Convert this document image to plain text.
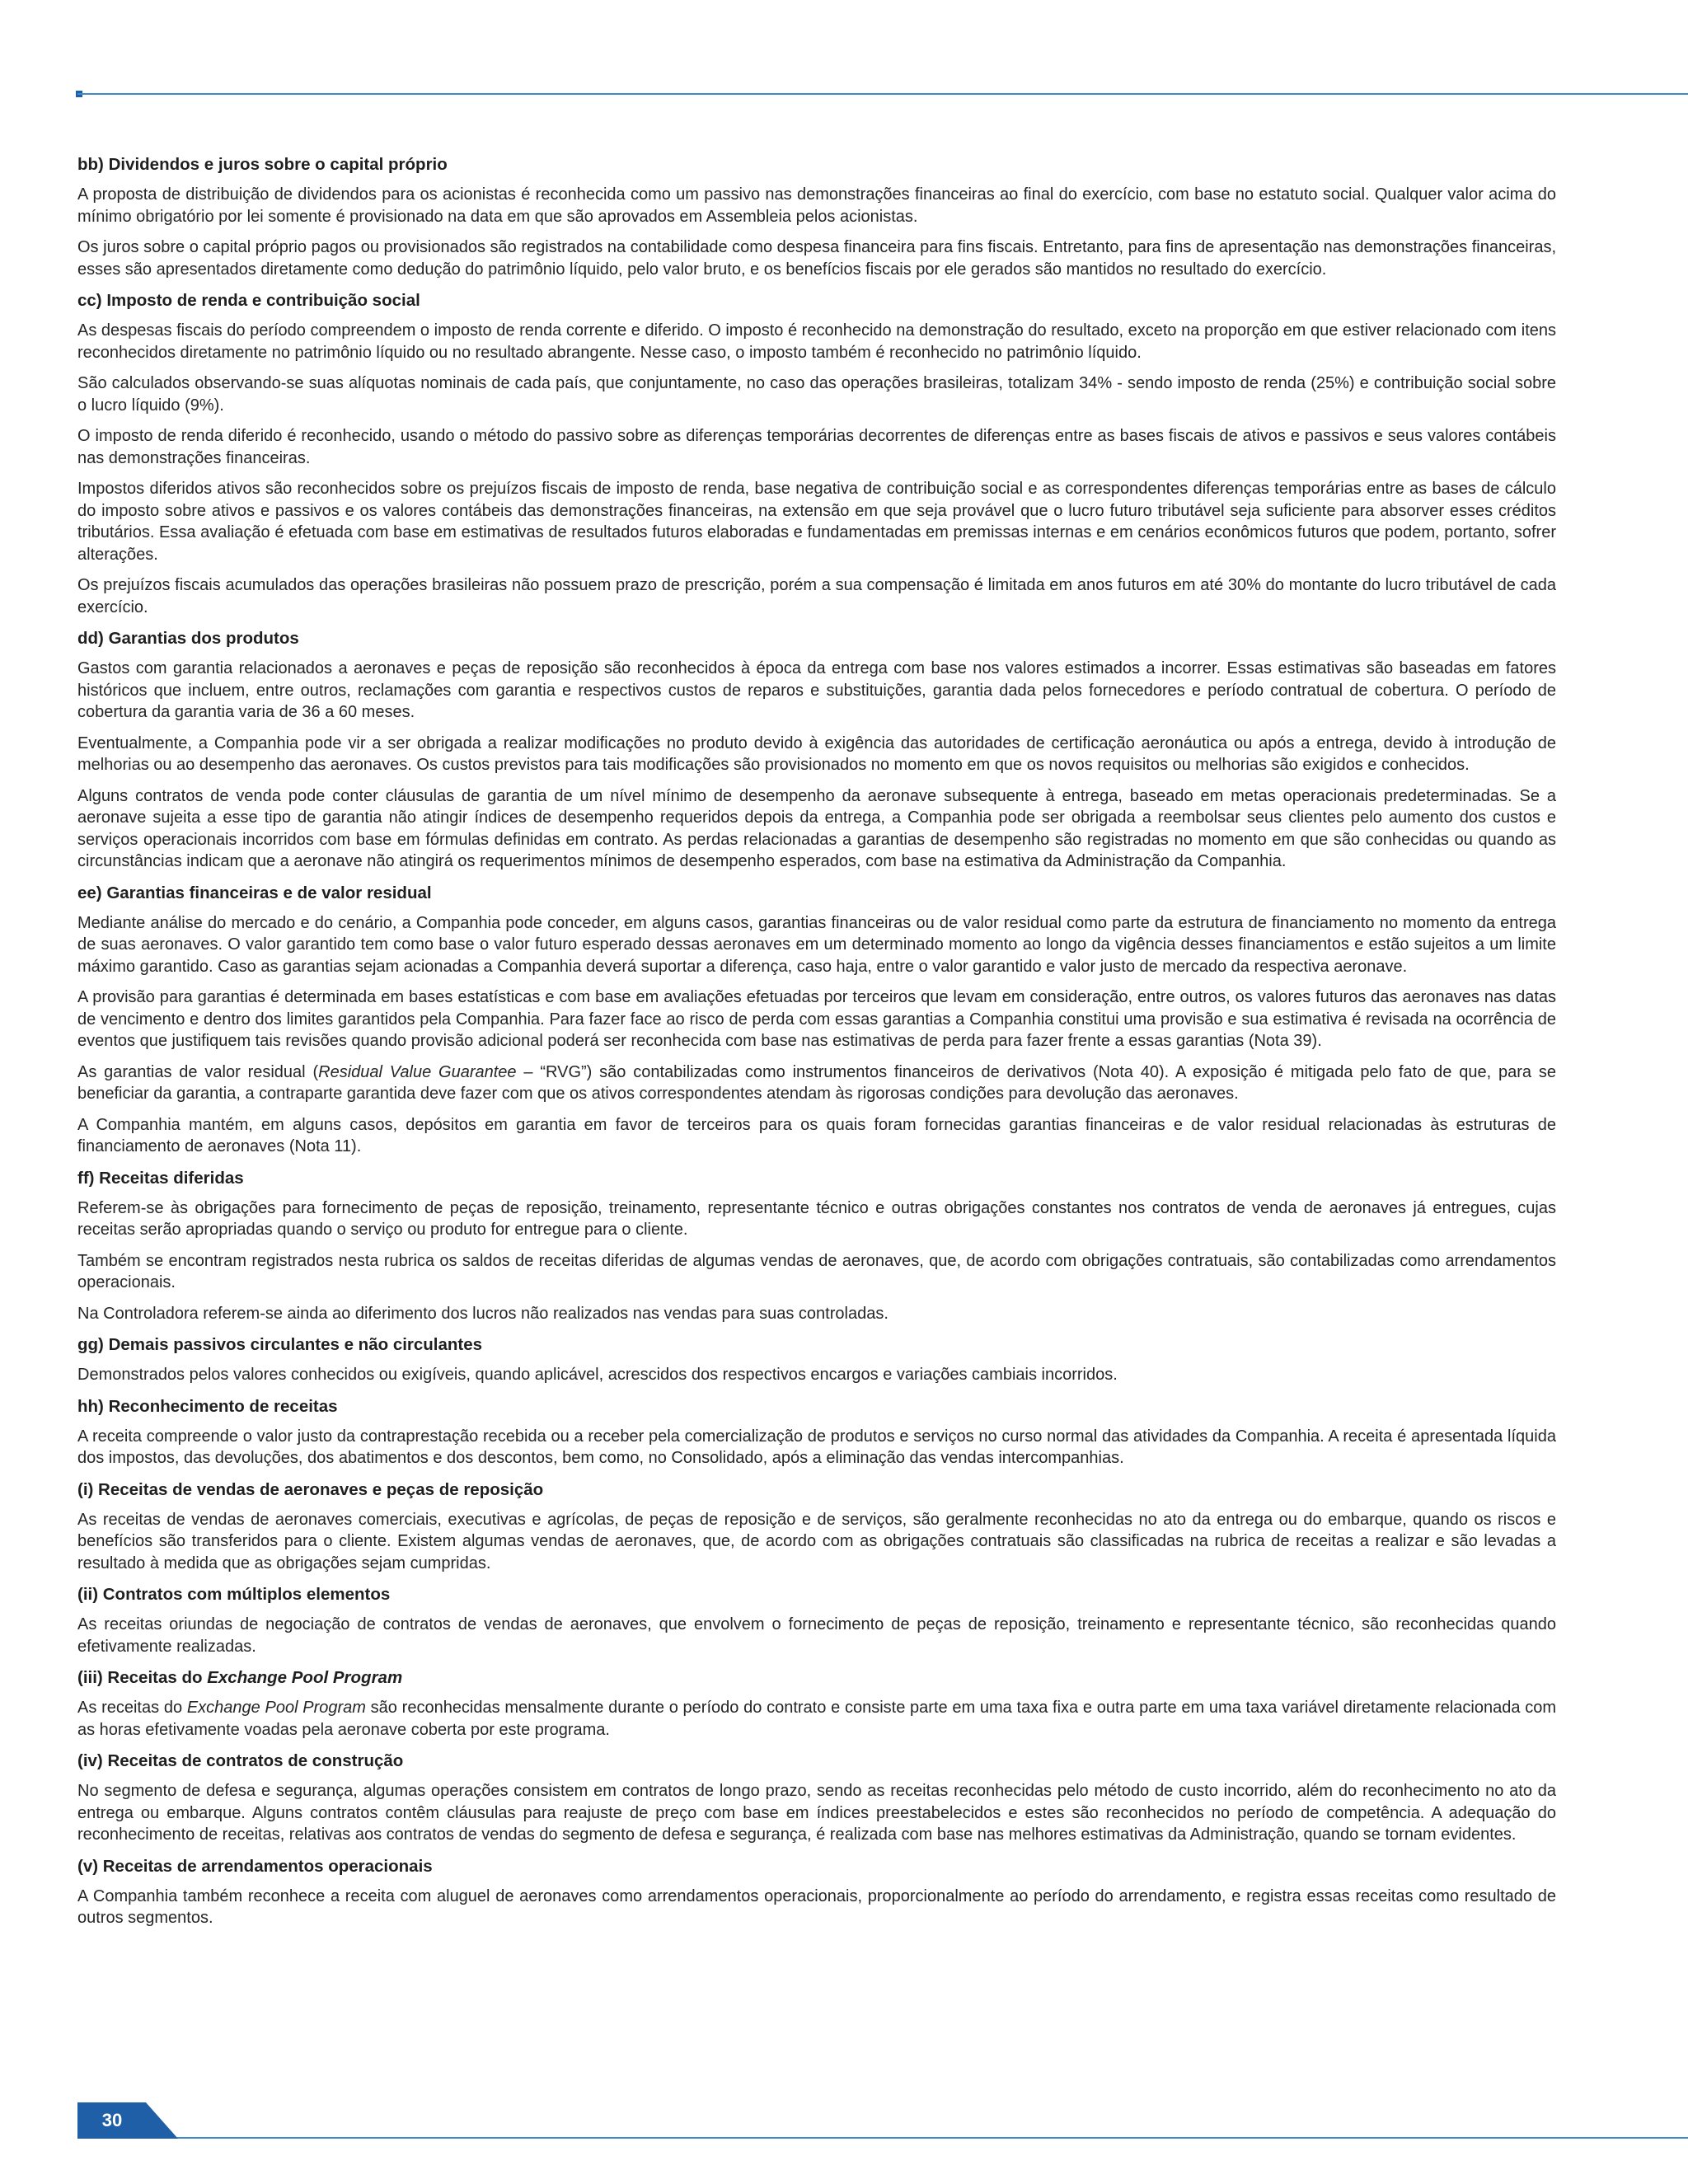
bb) Dividendos e juros sobre o capital próprio

A proposta de distribuição de dividendos para os acionistas é reconhecida como um passivo nas demonstrações financeiras ao final do exercício, com base no estatuto social. Qualquer valor acima do mínimo obrigatório por lei somente é provisionado na data em que são aprovados em Assembleia pelos acionistas.

Os juros sobre o capital próprio pagos ou provisionados são registrados na contabilidade como despesa financeira para fins fiscais. Entretanto, para fins de apresentação nas demonstrações financeiras, esses são apresentados diretamente como dedução do patrimônio líquido, pelo valor bruto, e os benefícios fiscais por ele gerados são mantidos no resultado do exercício.

cc) Imposto de renda e contribuição social

As despesas fiscais do período compreendem o imposto de renda corrente e diferido. O imposto é reconhecido na demonstração do resultado, exceto na proporção em que estiver relacionado com itens reconhecidos diretamente no patrimônio líquido ou no resultado abrangente. Nesse caso, o imposto também é reconhecido no patrimônio líquido.

São calculados observando-se suas alíquotas nominais de cada país, que conjuntamente, no caso das operações brasileiras, totalizam 34% - sendo imposto de renda (25%) e contribuição social sobre o lucro líquido (9%).

O imposto de renda diferido é reconhecido, usando o método do passivo sobre as diferenças temporárias decorrentes de diferenças entre as bases fiscais de ativos e passivos e seus valores contábeis nas demonstrações financeiras.

Impostos diferidos ativos são reconhecidos sobre os prejuízos fiscais de imposto de renda, base negativa de contribuição social e as correspondentes diferenças temporárias entre as bases de cálculo do imposto sobre ativos e passivos e os valores contábeis das demonstrações financeiras, na extensão em que seja provável que o lucro futuro tributável seja suficiente para absorver esses créditos tributários. Essa avaliação é efetuada com base em estimativas de resultados futuros elaboradas e fundamentadas em premissas internas e em cenários econômicos futuros que podem, portanto, sofrer alterações.

Os prejuízos fiscais acumulados das operações brasileiras não possuem prazo de prescrição, porém a sua compensação é limitada em anos futuros em até 30% do montante do lucro tributável de cada exercício.

dd) Garantias dos produtos

Gastos com garantia relacionados a aeronaves e peças de reposição são reconhecidos à época da entrega com base nos valores estimados a incorrer. Essas estimativas são baseadas em fatores históricos que incluem, entre outros, reclamações com garantia e respectivos custos de reparos e substituições, garantia dada pelos fornecedores e período contratual de cobertura. O período de cobertura da garantia varia de 36 a 60 meses.

Eventualmente, a Companhia pode vir a ser obrigada a realizar modificações no produto devido à exigência das autoridades de certificação aeronáutica ou após a entrega, devido à introdução de melhorias ou ao desempenho das aeronaves. Os custos previstos para tais modificações são provisionados no momento em que os novos requisitos ou melhorias são exigidos e conhecidos.

Alguns contratos de venda pode conter cláusulas de garantia de um nível mínimo de desempenho da aeronave subsequente à entrega, baseado em metas operacionais predeterminadas. Se a aeronave sujeita a esse tipo de garantia não atingir índices de desempenho requeridos depois da entrega, a Companhia pode ser obrigada a reembolsar seus clientes pelo aumento dos custos e serviços operacionais incorridos com base em fórmulas definidas em contrato. As perdas relacionadas a garantias de desempenho são registradas no momento em que são conhecidas ou quando as circunstâncias indicam que a aeronave não atingirá os requerimentos mínimos de desempenho esperados, com base na estimativa da Administração da Companhia.

ee) Garantias financeiras e de valor residual

Mediante análise do mercado e do cenário, a Companhia pode conceder, em alguns casos, garantias financeiras ou de valor residual como parte da estrutura de financiamento no momento da entrega de suas aeronaves. O valor garantido tem como base o valor futuro esperado dessas aeronaves em um determinado momento ao longo da vigência desses financiamentos e estão sujeitos a um limite máximo garantido. Caso as garantias sejam acionadas a Companhia deverá suportar a diferença, caso haja, entre o valor garantido e valor justo de mercado da respectiva aeronave.

A provisão para garantias é determinada em bases estatísticas e com base em avaliações efetuadas por terceiros que levam em consideração, entre outros, os valores futuros das aeronaves nas datas de vencimento e dentro dos limites garantidos pela Companhia. Para fazer face ao risco de perda com essas garantias a Companhia constitui uma provisão e sua estimativa é revisada na ocorrência de eventos que justifiquem tais revisões quando provisão adicional poderá ser reconhecida com base nas estimativas de perda para fazer frente a essas garantias (Nota 39).

As garantias de valor residual (Residual Value Guarantee – “RVG”) são contabilizadas como instrumentos financeiros de derivativos (Nota 40). A exposição é mitigada pelo fato de que, para se beneficiar da garantia, a contraparte garantida deve fazer com que os ativos correspondentes atendam às rigorosas condições para devolução das aeronaves.

A Companhia mantém, em alguns casos, depósitos em garantia em favor de terceiros para os quais foram fornecidas garantias financeiras e de valor residual relacionadas às estruturas de financiamento de aeronaves (Nota 11).

ff) Receitas diferidas

Referem-se às obrigações para fornecimento de peças de reposição, treinamento, representante técnico e outras obrigações constantes nos contratos de venda de aeronaves já entregues, cujas receitas serão apropriadas quando o serviço ou produto for entregue para o cliente.

Também se encontram registrados nesta rubrica os saldos de receitas diferidas de algumas vendas de aeronaves, que, de acordo com obrigações contratuais, são contabilizadas como arrendamentos operacionais.

Na Controladora referem-se ainda ao diferimento dos lucros não realizados nas vendas para suas controladas.

gg) Demais passivos circulantes e não circulantes

Demonstrados pelos valores conhecidos ou exigíveis, quando aplicável, acrescidos dos respectivos encargos e variações cambiais incorridos.

hh) Reconhecimento de receitas

A receita compreende o valor justo da contraprestação recebida ou a receber pela comercialização de produtos e serviços no curso normal das atividades da Companhia. A receita é apresentada líquida dos impostos, das devoluções, dos abatimentos e dos descontos, bem como, no Consolidado, após a eliminação das vendas intercompanhias.

(i) Receitas de vendas de aeronaves e peças de reposição

As receitas de vendas de aeronaves comerciais, executivas e agrícolas, de peças de reposição e de serviços, são geralmente reconhecidas no ato da entrega ou do embarque, quando os riscos e benefícios são transferidos para o cliente. Existem algumas vendas de aeronaves, que, de acordo com as obrigações contratuais são classificadas na rubrica de receitas a realizar e são levadas a resultado à medida que as obrigações sejam cumpridas.

(ii) Contratos com múltiplos elementos

As receitas oriundas de negociação de contratos de vendas de aeronaves, que envolvem o fornecimento de peças de reposição, treinamento e representante técnico, são reconhecidas quando efetivamente realizadas.

(iii) Receitas do Exchange Pool Program

As receitas do Exchange Pool Program são reconhecidas mensalmente durante o período do contrato e consiste parte em uma taxa fixa e outra parte em uma taxa variável diretamente relacionada com as horas efetivamente voadas pela aeronave coberta por este programa.

(iv) Receitas de contratos de construção

No segmento de defesa e segurança, algumas operações consistem em contratos de longo prazo, sendo as receitas reconhecidas pelo método de custo incorrido, além do reconhecimento no ato da entrega ou embarque. Alguns contratos contêm cláusulas para reajuste de preço com base em índices preestabelecidos e estes são reconhecidos no período de competência. A adequação do reconhecimento de receitas, relativas aos contratos de vendas do segmento de defesa e segurança, é realizada com base nas melhores estimativas da Administração, quando se tornam evidentes.

(v) Receitas de arrendamentos operacionais

A Companhia também reconhece a receita com aluguel de aeronaves como arrendamentos operacionais, proporcionalmente ao período do arrendamento, e registra essas receitas como resultado de outros segmentos.

30
